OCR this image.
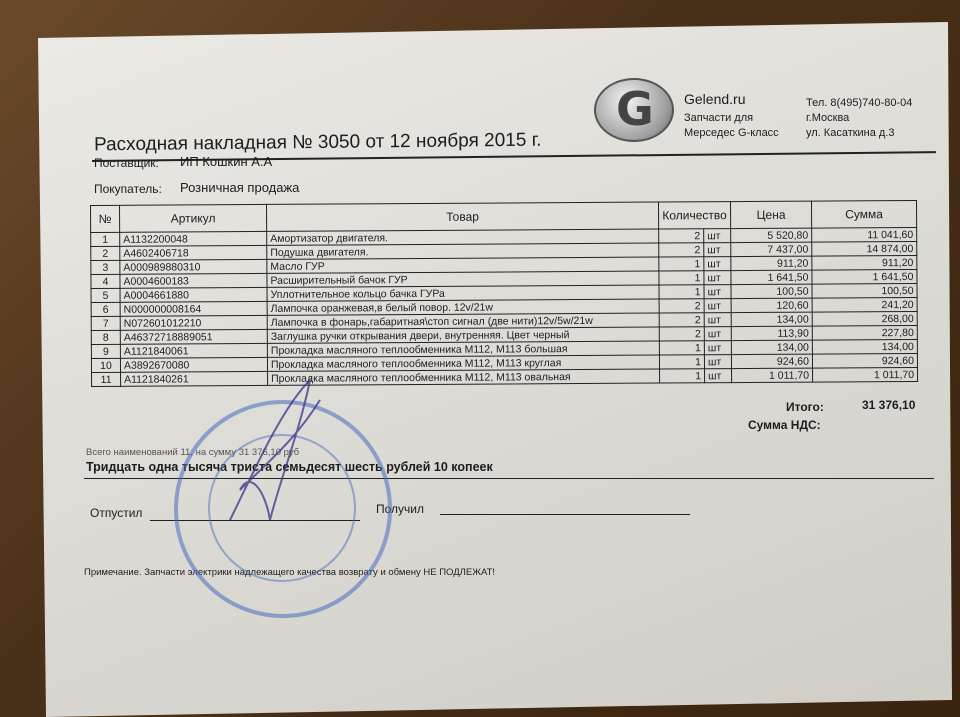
G Gelend.ru
Запчасти для
Мерседес G-класс
Тел. 8(495)740-80-04
г.Москва
ул. Касаткина д.3
Расходная накладная № 3050 от 12 ноября 2015 г.
Поставщик: ИП Кошкин А.А
Покупатель: Розничная продажа
№	Артикул	Товар	Количество		Цена	Сумма
1	A1132200048	Амортизатор двигателя.	2	шт	5 520,80	11 041,60
2	A4602406718	Подушка двигателя.	2	шт	7 437,00	14 874,00
3	A000989880310	Масло ГУР	1	шт	911,20	911,20
4	A0004600183	Расширительный бачок ГУР	1	шт	1 641,50	1 641,50
5	A0004661880	Уплотнительное кольцо бачка ГУРа	1	шт	100,50	100,50
6	N000000008164	Лампочка оранжевая,в белый повор. 12v/21w	2	шт	120,60	241,20
7	N072601012210	Лампочка в фонарь,габаритная\стоп сигнал (две нити)12v/5w/21w	2	шт	134,00	268,00
8	A46372718889051	Заглушка ручки открывания двери, внутренняя. Цвет черный	2	шт	113,90	227,80
9	A1121840061	Прокладка масляного теплообменника М112, М113 большая	1	шт	134,00	134,00
10	A3892670080	Прокладка масляного теплообменника М112, М113 круглая	1	шт	924,60	924,60
11	A1121840261	Прокладка масляного теплообменника М112, М113 овальная	1	шт	1 011,70	1 011,70
Итого:	31 376,10
Сумма НДС:
Всего наименований 11, на сумму 31 376,10 руб
Тридцать одна тысяча триста семьдесят шесть рублей 10 копеек
Отпустил	Получил
Примечание. Запчасти электрики надлежащего качества возврату и обмену НЕ ПОДЛЕЖАТ!
